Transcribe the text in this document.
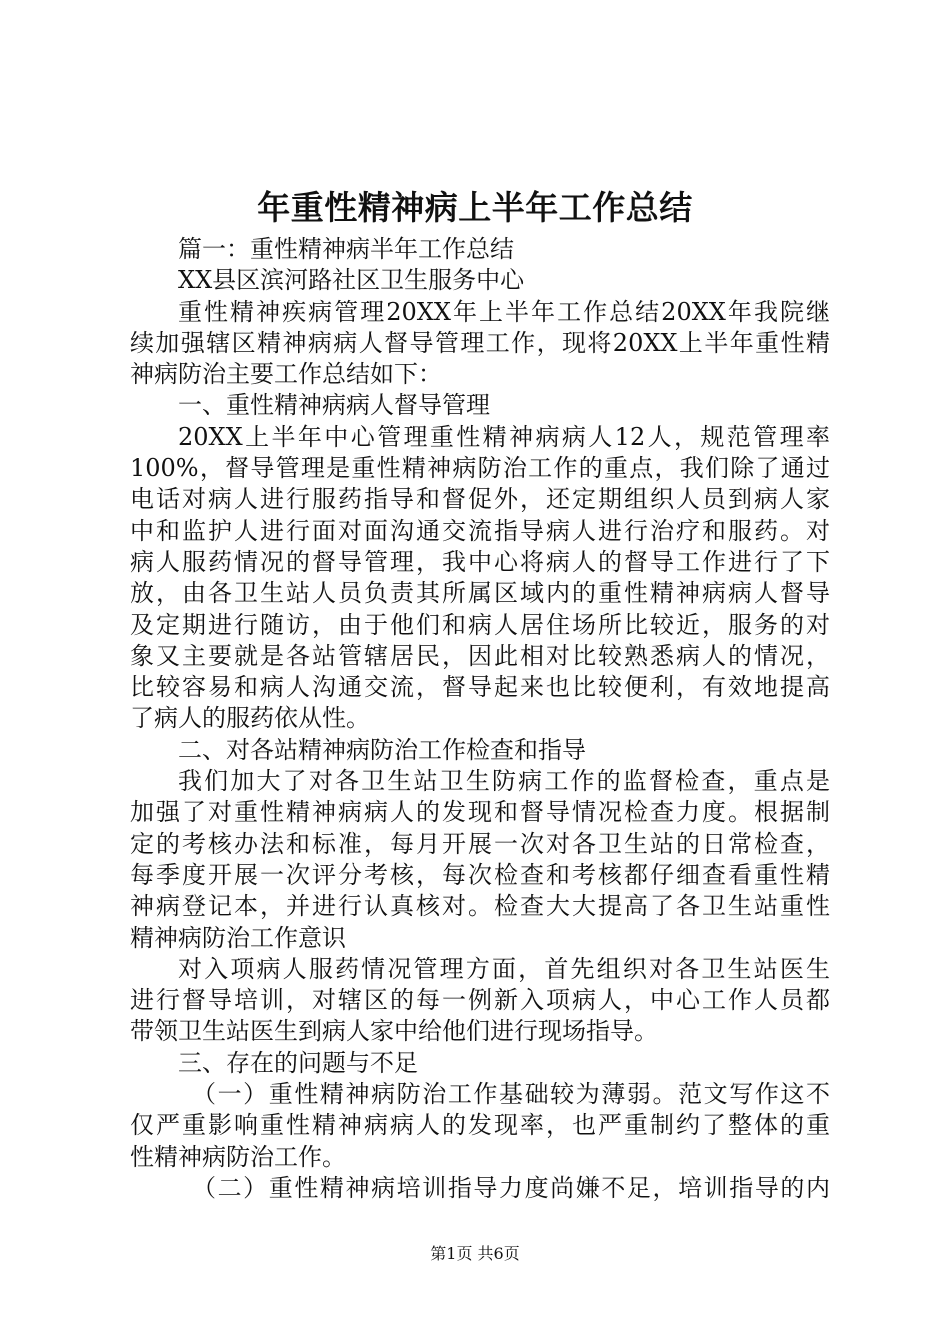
年重性精神病上半年工作总结
篇一：重性精神病半年工作总结
XX县区滨河路社区卫生服务中心
重性精神疾病管理20XX年上半年工作总结20XX年我院继
续加强辖区精神病病人督导管理工作，现将20XX上半年重性精
神病防治主要工作总结如下：
一、重性精神病病人督导管理
20XX上半年中心管理重性精神病病人12人，规范管理率
100%，督导管理是重性精神病防治工作的重点，我们除了通过
电话对病人进行服药指导和督促外，还定期组织人员到病人家
中和监护人进行面对面沟通交流指导病人进行治疗和服药。对
病人服药情况的督导管理，我中心将病人的督导工作进行了下
放，由各卫生站人员负责其所属区域内的重性精神病病人督导
及定期进行随访，由于他们和病人居住场所比较近，服务的对
象又主要就是各站管辖居民，因此相对比较熟悉病人的情况，
比较容易和病人沟通交流，督导起来也比较便利，有效地提高
了病人的服药依从性。
二、对各站精神病防治工作检查和指导
我们加大了对各卫生站卫生防病工作的监督检查，重点是
加强了对重性精神病病人的发现和督导情况检查力度。根据制
定的考核办法和标准，每月开展一次对各卫生站的日常检查，
每季度开展一次评分考核，每次检查和考核都仔细查看重性精
神病登记本，并进行认真核对。检查大大提高了各卫生站重性
精神病防治工作意识
对入项病人服药情况管理方面，首先组织对各卫生站医生
进行督导培训，对辖区的每一例新入项病人，中心工作人员都
带领卫生站医生到病人家中给他们进行现场指导。
三、存在的问题与不足
（一）重性精神病防治工作基础较为薄弱。范文写作这不
仅严重影响重性精神病病人的发现率，也严重制约了整体的重
性精神病防治工作。
（二）重性精神病培训指导力度尚嫌不足，培训指导的内
第1页 共6页
